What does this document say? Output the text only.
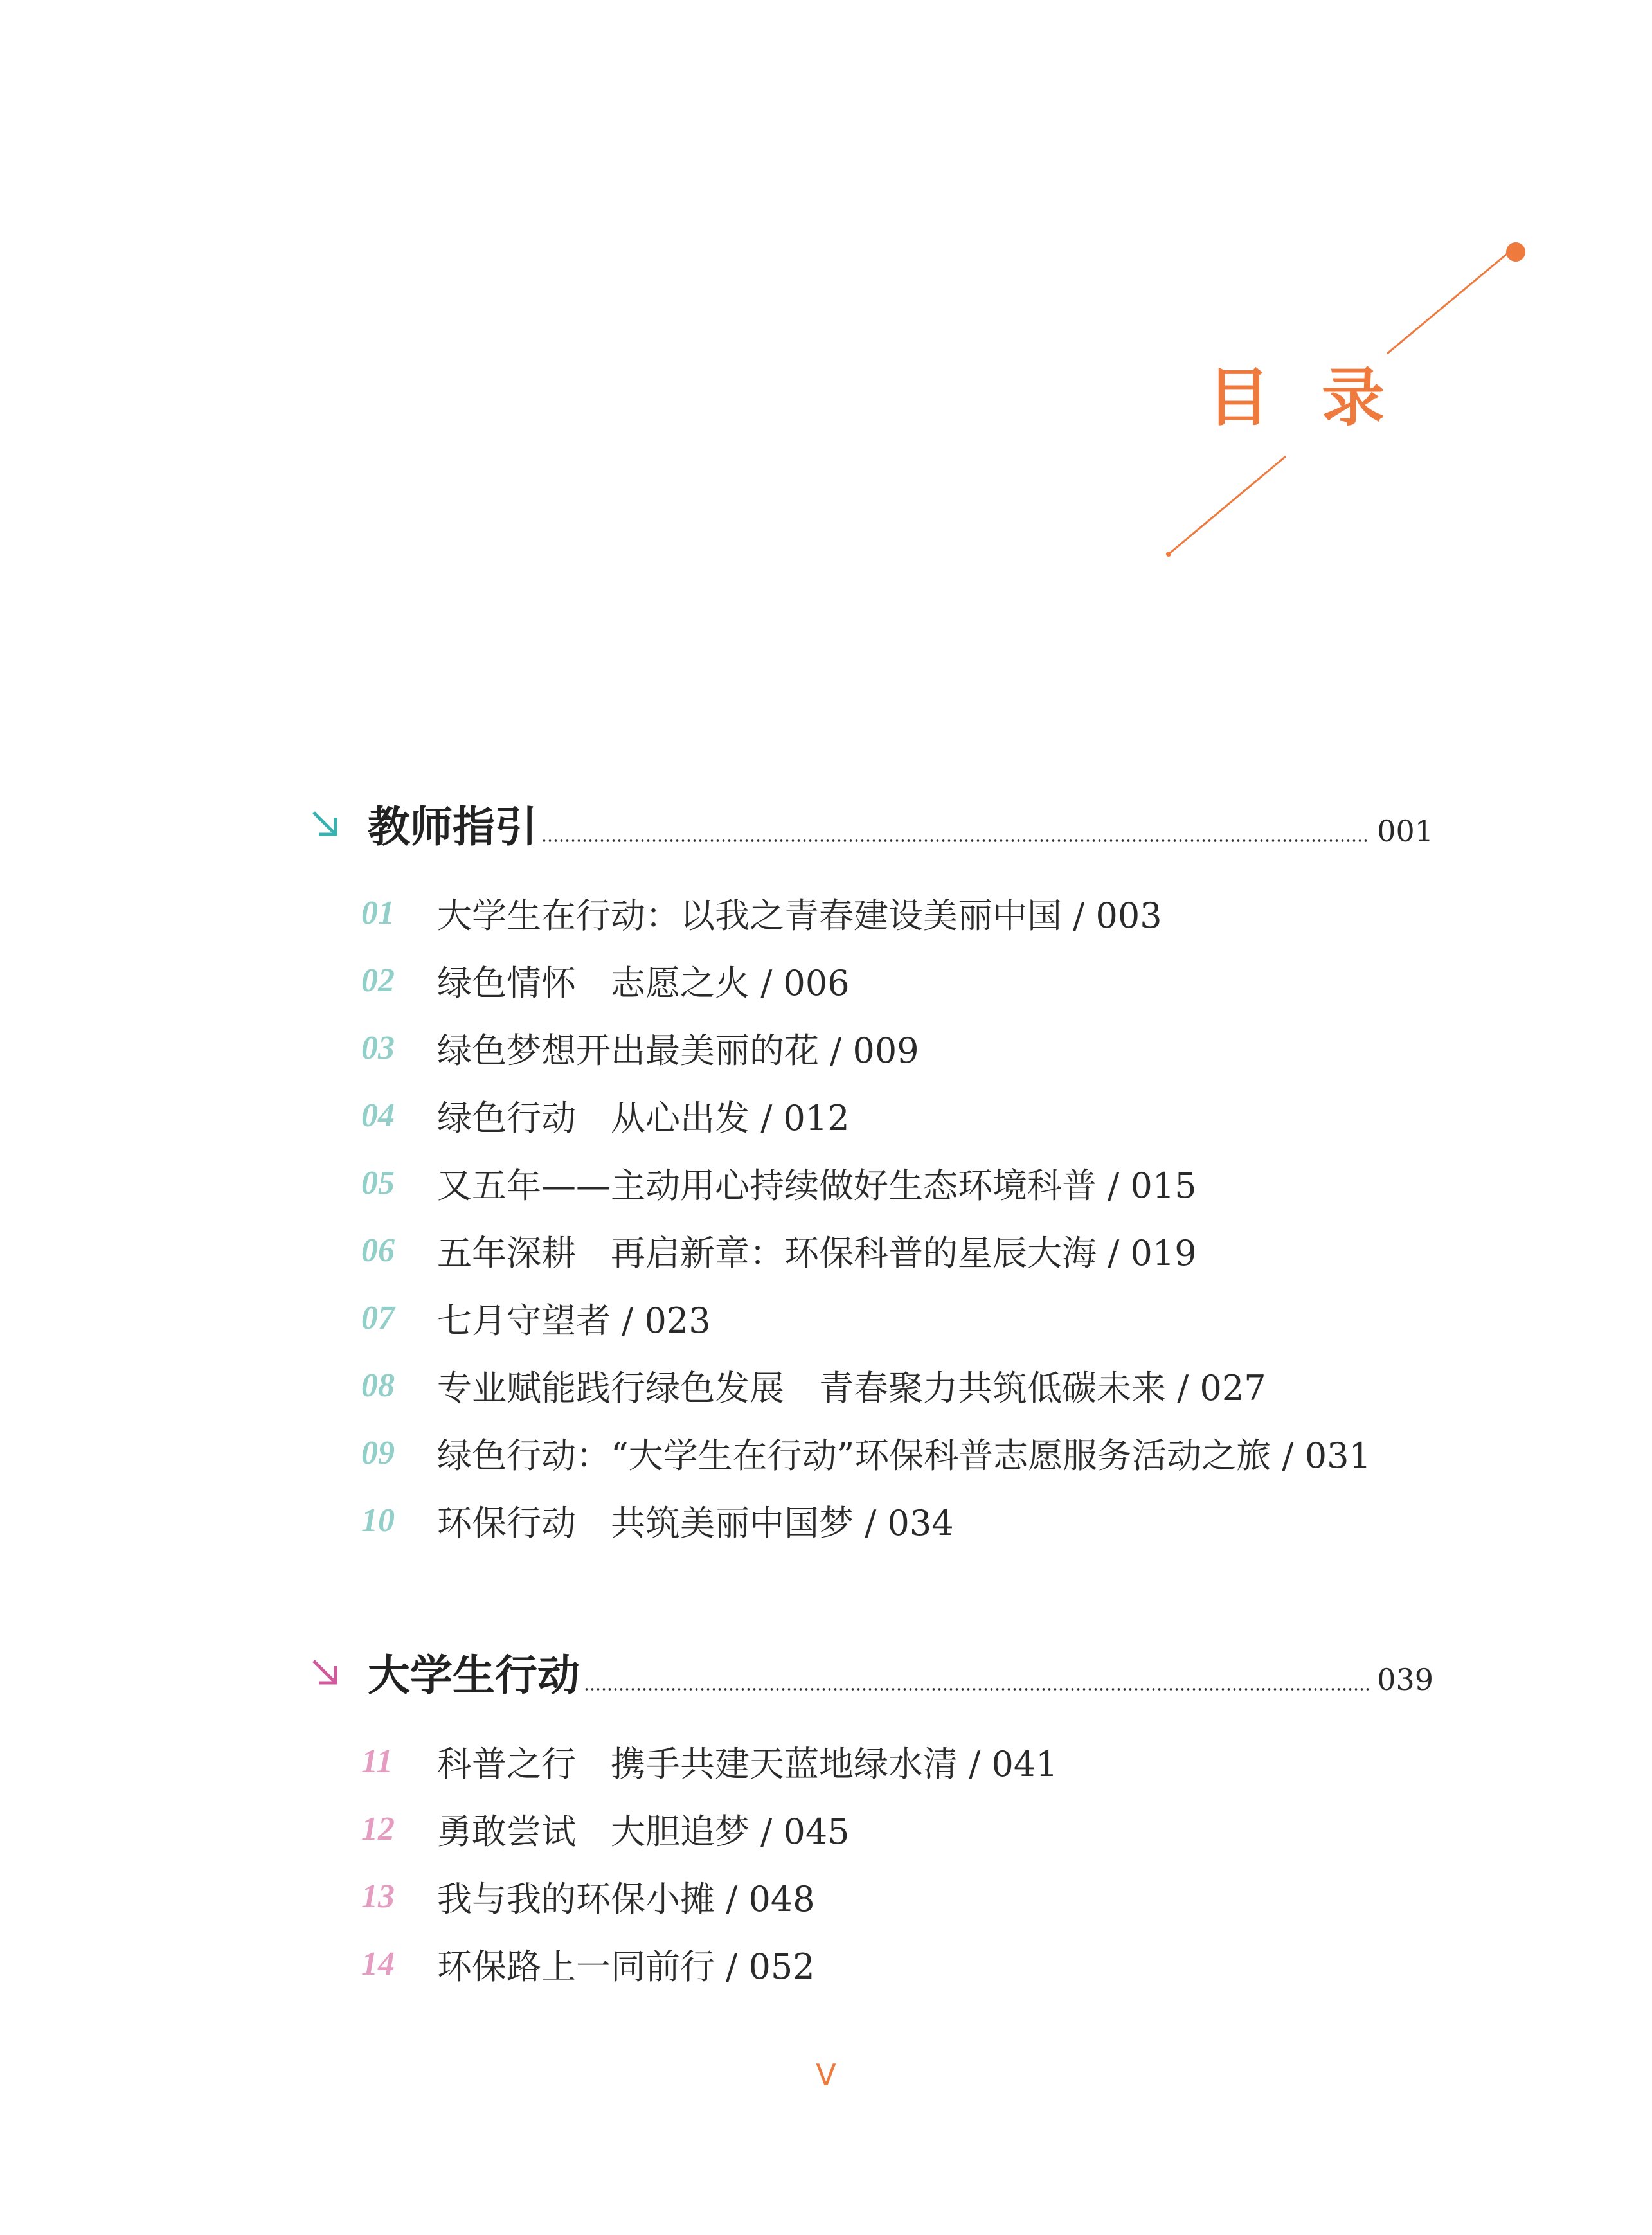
目录
教师指引	001
01	大学生在行动：以我之青春建设美丽中国 / 003
02	绿色情怀　志愿之火 / 006
03	绿色梦想开出最美丽的花 / 009
04	绿色行动　从心出发 / 012
05	又五年——主动用心持续做好生态环境科普 / 015
06	五年深耕　再启新章：环保科普的星辰大海 / 019
07	七月守望者 / 023
08	专业赋能践行绿色发展　青春聚力共筑低碳未来 / 027
09	绿色行动：“大学生在行动”环保科普志愿服务活动之旅 / 031
10	环保行动　共筑美丽中国梦 / 034
大学生行动	039
11	科普之行　携手共建天蓝地绿水清 / 041
12	勇敢尝试　大胆追梦 / 045
13	我与我的环保小摊 / 048
14	环保路上一同前行 / 052
V
